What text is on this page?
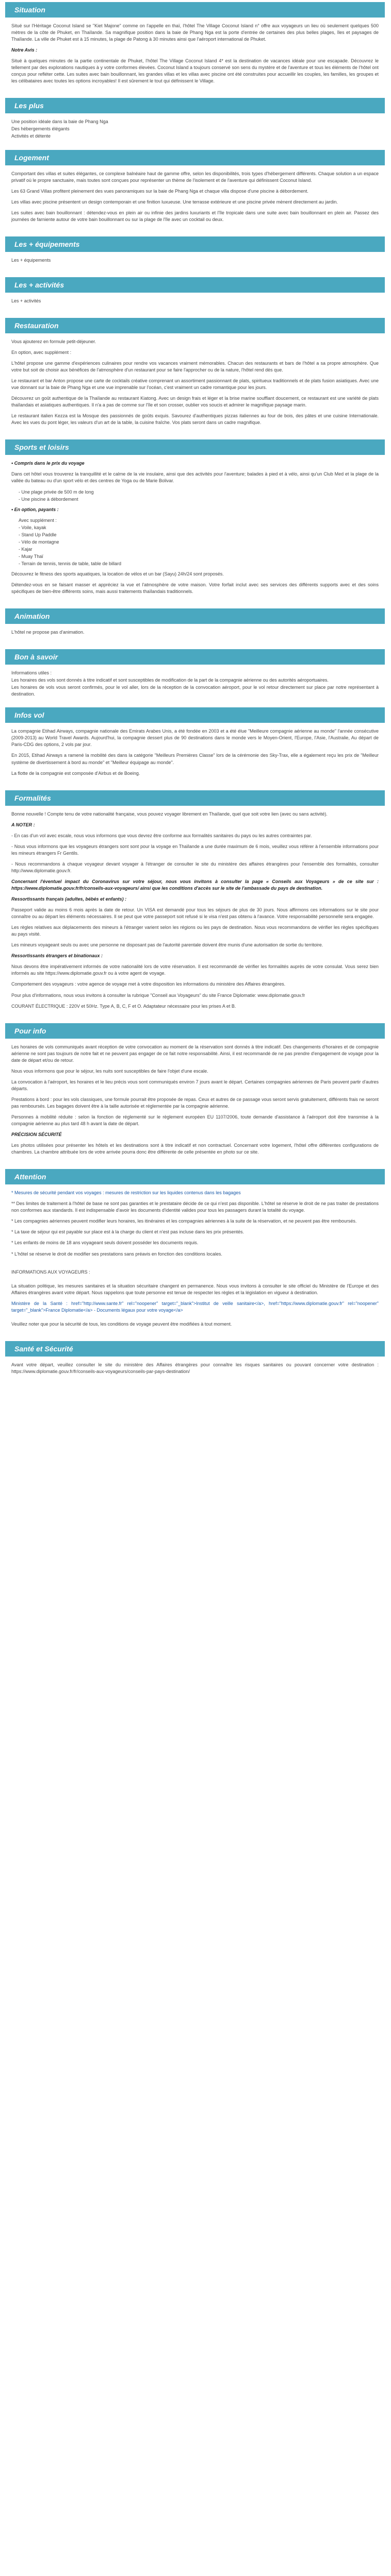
Situation

Situé sur l'Héritage Coconut Island se "Kiet Majone" comme on l'appelle en thaï, l'hôtel The Village Coconut Island n° offre aux voyageurs un lieu où seulement quelques 500 mètres de la côte de Phuket, en Thaïlande. Sa magnifique position dans la baie de Phang Nga est la porte d'entrée de certaines des plus belles plages, îles et paysages de Thaïlande. La ville de Phuket est à 15 minutes, la plage de Patong à 30 minutes ainsi que l'aéroport international de Phuket.

Notre Avis :

Situé à quelques minutes de la partie continentale de Phuket, l'hôtel The Village Coconut Island 4* est la destination de vacances idéale pour une escapade. Découvrez le tellement par des explorations nautiques à y votre conformes élevées. Coconut Island a toujours conservé son sens du mystère et de l'aventure et tous les éléments de l'hôtel ont conçus pour refléter cette. Les suites avec bain bouillonnant, les grandes villas et les villas avec piscine ont été construites pour accueillir les couples, les familles, les groupes et les célibataires avec toutes les options incroyables! Il est sûrement le tout qui définissent le Village.

Les plus

Une position idéale dans la baie de Phang Nga

Des hébergements élégants

Activités et détente

Logement

Comportant des villas et suites élégantes, ce complexe balnéaire haut de gamme offre, selon les disponibilités, trois types d'hébergement différents. Chaque solution a un espace privatif où le propre sanctuaire, mais toutes sont conçues pour représenter un thème de l'isolement et de l'aventure qui définissent Coconut Island.

Les 63 Grand Villas profitent pleinement des vues panoramiques sur la baie de Phang Nga et chaque villa dispose d'une piscine à débordement.

Les villas avec piscine présentent un design contemporain et une finition luxueuse. Une terrasse extérieure et une piscine privée mènent directement au jardin.

Les suites avec bain bouillonnant : détendez-vous en plein air ou infinie des jardins luxuriants et l'île tropicale dans une suite avec bain bouillonnant en plein air. Passez des journées de farniente autour de votre bain bouillonnant ou sur la plage de l'île avec un cocktail ou deux.

Les + équipements

Les + équipements

Les + activités

Les + activités

Restauration

Vous ajouterez en formule petit-déjeuner.

En option, avec supplément :

L'hôtel propose une gamme d'expériences culinaires pour rendre vos vacances vraiment mémorables. Chacun des restaurants et bars de l'hôtel a sa propre atmosphère. Que votre but soit de choisir aux bénéfices de l'atmosphère d'un restaurant pour se faire l'approcher ou de la nature, l'hôtel rend dès que.

Le restaurant et bar Anton propose une carte de cocktails créative comprenant un assortiment passionnant de plats, spiritueux traditionnels et de plats fusion asiatiques. Avec une vue donnant sur la baie de Phang Nga et une vue imprenable sur l'océan, c'est vraiment un cadre romantique pour les jours.

Découvrez un goût authentique de la Thaïlande au restaurant Kiatong. Avec un design frais et léger et la brise marine soufflant doucement, ce restaurant est une variété de plats thaïlandais et asiatiques authentiques. Il n'a a pas de comme sur l'île et son crosser, oublier vos soucis et admirer le magnifique paysage marin.

Le restaurant italien Kezza est la Mosque des passionnés de goûts exquis. Savourez d'authentiques pizzas italiennes au four de bois, des pâtes et une cuisine Internationale. Avec les vues du pont léger, les valeurs d'un art de la table, la cuisine fraîche. Vos plats seront dans un cadre magnifique.

Sports et loisirs

• Compris dans le prix du voyage

Dans cet hôtel vous trouverez la tranquillité et le calme de la vie insulaire, ainsi que des activités pour l'aventure; balades à pied et à vélo, ainsi qu'un Club Med et la plage de la vallée du bateau ou d'un sport vélo et des centres de Yoga ou de Marie Bolivar.

- Une plage privée de 500 m de long

- Une piscine à débordement

• En option, payants :

Avec supplément :

- Voile, kayak

- Stand Up Paddle

- Vélo de montagne

- Kajar

- Muay Thaï

- Terrain de tennis, tennis de table, table de billard

Découvrez le fitness des sports aquatiques, la location de vélos et un bar (Sayu) 24h/24 sont proposés.

Détendez-vous en se faisant masser et appréciez la vue et l'atmosphère de votre maison. Votre forfait inclut avec ses services des différents supports avec et des soins spécifiques de bien-être différents soins, mais aussi traitements thaïlandais traditionnels.

Animation

L'hôtel ne propose pas d'animation.

Bon à savoir

Informations utiles :

Les horaires des vols sont donnés à titre indicatif et sont susceptibles de modification de la part de la compagnie aérienne ou des autorités aéroportuaires.

Les horaires de vols vous seront confirmés, pour le vol aller, lors de la réception de la convocation aéroport, pour le vol retour directement sur place par notre représentant à destination.

Infos vol

La compagnie Etihad Airways, compagnie nationale des Emirats Arabes Unis, a été fondée en 2003 et a été élue "Meilleure compagnie aérienne au monde" l'année consécutive (2009-2013) au World Travel Awards. Aujourd'hui, la compagnie dessert plus de 90 destinations dans le monde vers le Moyen-Orient, l'Europe, l'Asie, l'Australie, Au départ de Paris-CDG des options, 2 vols par jour.

En 2015, Etihad Airways a ramené la mobilité des dans la catégorie "Meilleurs Premières Classe" lors de la cérémonie des Sky-Trax, elle a également reçu les prix de "Meilleur système de divertissement à bord au monde" et "Meilleur équipage au monde".

La flotte de la compagnie est composée d'Airbus et de Boeing.

Formalités

Bonne nouvelle ! Compte tenu de votre nationalité française, vous pouvez voyager librement en Thaïlande, quel que soit votre lien (avec ou sans activité).

A NOTER :

- En cas d'un vol avec escale, nous vous informons que vous devrez être conforme aux formalités sanitaires du pays ou les autres contraintes par.

- Nous vous informons que les voyageurs étrangers sont sont pour la voyage en Thaïlande a une durée maximum de 6 mois, veuillez vous référer à l'ensemble informations pour les mineurs étrangers Fr Gentils.

- Nous recommandons à chaque voyageur devant voyager à l'étranger de consulter le site du ministère des affaires étrangères pour l'ensemble des formalités, consulter http://www.diplomatie.gouv.fr.

Concernant l'éventuel impact du Coronavirus sur votre séjour, nous vous invitons à consulter la page « Conseils aux Voyageurs » de ce site sur : https://www.diplomatie.gouv.fr/fr/conseils-aux-voyageurs/ ainsi que les conditions d'accès sur le site de l'ambassade du pays de destination.

Ressortissants français (adultes, bébés et enfants) :

Passeport valide au moins 6 mois après la date de retour. Un VISA est demandé pour tous les séjours de plus de 30 jours. Nous affirmons ces informations sur le site pour connaître ou au départ les éléments nécessaires. Il se peut que votre passeport soit refusé si le visa n'est pas obtenu à l'avance. Votre responsabilité personnelle sera engagée.

Les règles relatives aux déplacements des mineurs à l'étranger varient selon les régions ou les pays de destination. Nous vous recommandons de vérifier les règles spécifiques au pays visité.

Les mineurs voyageant seuls ou avec une personne ne disposant pas de l'autorité parentale doivent être munis d'une autorisation de sortie du territoire.

Ressortissants étrangers et binationaux :

Nous devons être impérativement informés de votre nationalité lors de votre réservation. Il est recommandé de vérifier les formalités auprès de votre consulat. Vous serez bien informés au site https://www.diplomatie.gouv.fr ou à votre agent de voyage.

Comportement des voyageurs : votre agence de voyage met à votre disposition les informations du ministère des Affaires étrangères.

Pour plus d'informations, nous vous invitons à consulter la rubrique "Conseil aux Voyageurs" du site France Diplomatie: www.diplomatie.gouv.fr

COURANT ÉLECTRIQUE : 220V et 50Hz. Type A, B, C, F et O. Adaptateur nécessaire pour les prises A et B.

Pour info

Les horaires de vols communiqués avant réception de votre convocation au moment de la réservation sont donnés à titre indicatif. Des changements d'horaires et de compagnie aérienne ne sont pas toujours de notre fait et ne peuvent pas engager de ce fait notre responsabilité. Ainsi, il est recommandé de ne pas prendre d'engagement de voyage pour la date de départ et/ou de retour.

Nous vous informons que pour le séjour, les nuits sont susceptibles de faire l'objet d'une escale.

La convocation à l'aéroport, les horaires et le lieu précis vous sont communiqués environ 7 jours avant le départ. Certaines compagnies aériennes de Paris peuvent partir d'autres départs.

Prestations à bord : pour les vols classiques, une formule pourrait être proposée de repas. Ceux et autres de ce passage vous seront servis gratuitement, différents frais ne seront pas remboursés. Les bagages doivent être à la taille autorisée et réglementée par la compagnie aérienne.

Personnes à mobilité réduite : selon la fonction de réglementé sur le règlement européen EU 1107/2006, toute demande d'assistance à l'aéroport doit être transmise à la compagnie aérienne au plus tard 48 h avant la date de départ.

PRÉCISION SÉCURITÉ

Les photos utilisées pour présenter les hôtels et les destinations sont à titre indicatif et non contractuel. Concernant votre logement, l'hôtel offre différentes configurations de chambres. La chambre attribuée lors de votre arrivée pourra donc être différente de celle présentée en photo sur ce site.

Attention

* Mesures de sécurité pendant vos voyages : mesures de restriction sur les liquides contenus dans les bagages

** Des limites de traitement à l'hôtel de base ne sont pas garanties et le prestataire décide de ce qui n'est pas disponible. L'hôtel se réserve le droit de ne pas traiter de prestations non conformes aux standards. Il est indispensable d'avoir les documents d'identité valides pour tous les passagers durant la totalité du voyage.

* Les compagnies aériennes peuvent modifier leurs horaires, les itinéraires et les compagnies aériennes à la suite de la réservation, et ne peuvent pas être remboursés.

* La taxe de séjour qui est payable sur place est à la charge du client et n'est pas incluse dans les prix présentés.

* Les enfants de moins de 18 ans voyageant seuls doivent posséder les documents requis.

* L'hôtel se réserve le droit de modifier ses prestations sans préavis en fonction des conditions locales.

INFORMATIONS AUX VOYAGEURS :

La situation politique, les mesures sanitaires et la situation sécuritaire changent en permanence. Nous vous invitons à consulter le site officiel du Ministère de l'Europe et des Affaires étrangères avant votre départ. Nous rappelons que toute personne est tenue de respecter les règles et la législation en vigueur à destination.

Ministère de la Santé : href="http://www.sante.fr" rel="noopener" target="_blank">Institut de veille sanitaire</a>, href="https://www.diplomatie.gouv.fr" rel="noopener" target="_blank">France Diplomatie</a> - Documents légaux pour votre voyage</a>

Veuillez noter que pour la sécurité de tous, les conditions de voyage peuvent être modifiées à tout moment.

Santé et Sécurité

Avant votre départ, veuillez consulter le site du ministère des Affaires étrangères pour connaître les risques sanitaires ou pouvant concerner votre destination : https://www.diplomatie.gouv.fr/fr/conseils-aux-voyageurs/conseils-par-pays-destination/
